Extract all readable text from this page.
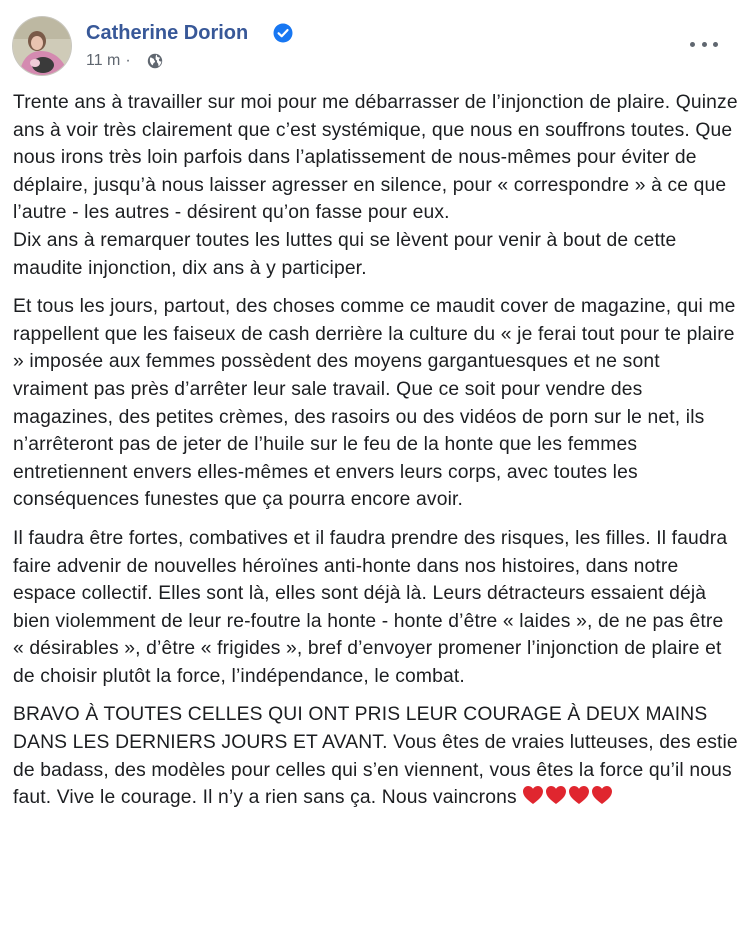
Catherine Dorion
11 m ·

Trente ans à travailler sur moi pour me débarrasser de l’injonction de plaire. Quinze ans à voir très clairement que c’est systémique, que nous en souffrons toutes. Que nous irons très loin parfois dans l’aplatissement de nous-mêmes pour éviter de déplaire, jusqu’à nous laisser agresser en silence, pour « correspondre » à ce que l’autre - les autres - désirent qu’on fasse pour eux.
Dix ans à remarquer toutes les luttes qui se lèvent pour venir à bout de cette maudite injonction, dix ans à y participer.

Et tous les jours, partout, des choses comme ce maudit cover de magazine, qui me rappellent que les faiseux de cash derrière la culture du « je ferai tout pour te plaire » imposée aux femmes possèdent des moyens gargantuesques et ne sont vraiment pas près d’arrêter leur sale travail. Que ce soit pour vendre des magazines, des petites crèmes, des rasoirs ou des vidéos de porn sur le net, ils n’arrêteront pas de jeter de l’huile sur le feu de la honte que les femmes entretiennent envers elles-mêmes et envers leurs corps, avec toutes les conséquences funestes que ça pourra encore avoir.

Il faudra être fortes, combatives et il faudra prendre des risques, les filles. Il faudra faire advenir de nouvelles héroïnes anti-honte dans nos histoires, dans notre espace collectif. Elles sont là, elles sont déjà là. Leurs détracteurs essaient déjà bien violemment de leur re-foutre la honte - honte d’être « laides », de ne pas être « désirables », d’être « frigides », bref d’envoyer promener l’injonction de plaire et de choisir plutôt la force, l’indépendance, le combat.

BRAVO À TOUTES CELLES QUI ONT PRIS LEUR COURAGE À DEUX MAINS DANS LES DERNIERS JOURS ET AVANT. Vous êtes de vraies lutteuses, des estie de badass, des modèles pour celles qui s’en viennent, vous êtes la force qu’il nous faut. Vive le courage. Il n’y a rien sans ça. Nous vaincrons
